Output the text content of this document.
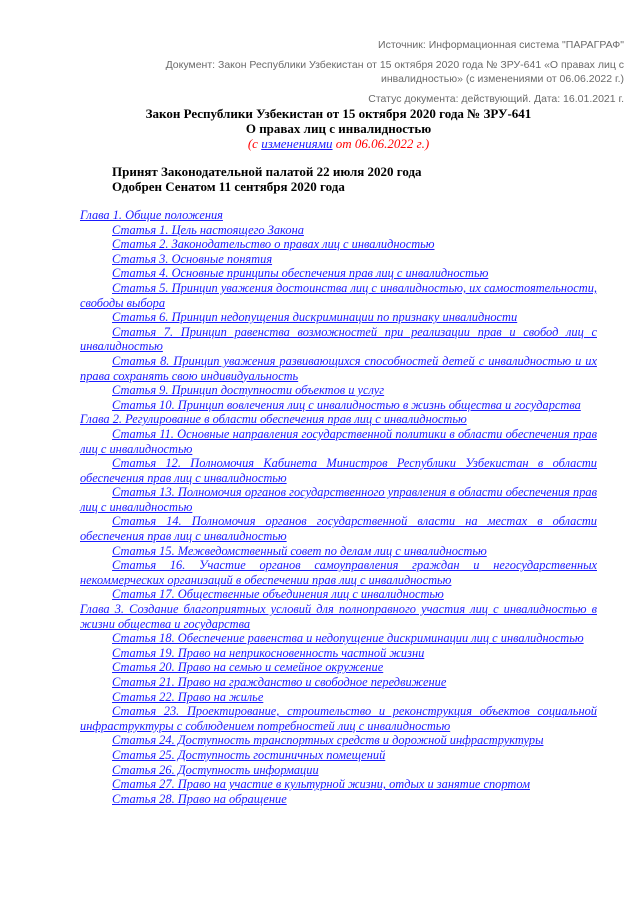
Источник: Информационная система "ПАРАГРАФ"
Документ: Закон Республики Узбекистан от 15 октября 2020 года № ЗРУ-641 «О правах лиц с инвалидностью» (с изменениями от 06.06.2022 г.)
Статус документа: действующий. Дата: 16.01.2021 г.
Закон Республики Узбекистан от 15 октября 2020 года № ЗРУ-641
О правах лиц с инвалидностью
(с изменениями от 06.06.2022 г.)
Принят Законодательной палатой 22 июля 2020 года
Одобрен Сенатом 11 сентября 2020 года
Глава 1. Общие положения
Статья 1. Цель настоящего Закона
Статья 2. Законодательство о правах лиц с инвалидностью
Статья 3. Основные понятия
Статья 4. Основные принципы обеспечения прав лиц с инвалидностью
Статья 5. Принцип уважения достоинства лиц с инвалидностью, их самостоятельности, свободы выбора
Статья 6. Принцип недопущения дискриминации по признаку инвалидности
Статья 7. Принцип равенства возможностей при реализации прав и свобод лиц с инвалидностью
Статья 8. Принцип уважения развивающихся способностей детей с инвалидностью и их права сохранять свою индивидуальность
Статья 9. Принцип доступности объектов и услуг
Статья 10. Принцип вовлечения лиц с инвалидностью в жизнь общества и государства
Глава 2. Регулирование в области обеспечения прав лиц с инвалидностью
Статья 11. Основные направления государственной политики в области обеспечения прав лиц с инвалидностью
Статья 12. Полномочия Кабинета Министров Республики Узбекистан в области обеспечения прав лиц с инвалидностью
Статья 13. Полномочия органов государственного управления в области обеспечения прав лиц с инвалидностью
Статья 14. Полномочия органов государственной власти на местах в области обеспечения прав лиц с инвалидностью
Статья 15. Межведомственный совет по делам лиц с инвалидностью
Статья 16. Участие органов самоуправления граждан и негосударственных некоммерческих организаций в обеспечении прав лиц с инвалидностью
Статья 17. Общественные объединения лиц с инвалидностью
Глава 3. Создание благоприятных условий для полноправного участия лиц с инвалидностью в жизни общества и государства
Статья 18. Обеспечение равенства и недопущение дискриминации лиц с инвалидностью
Статья 19. Право на неприкосновенность частной жизни
Статья 20. Право на семью и семейное окружение
Статья 21. Право на гражданство и свободное передвижение
Статья 22. Право на жилье
Статья 23. Проектирование, строительство и реконструкция объектов социальной инфраструктуры с соблюдением потребностей лиц с инвалидностью
Статья 24. Доступность транспортных средств и дорожной инфраструктуры
Статья 25. Доступность гостиничных помещений
Статья 26. Доступность информации
Статья 27. Право на участие в культурной жизни, отдых и занятие спортом
Статья 28. Право на обращение
